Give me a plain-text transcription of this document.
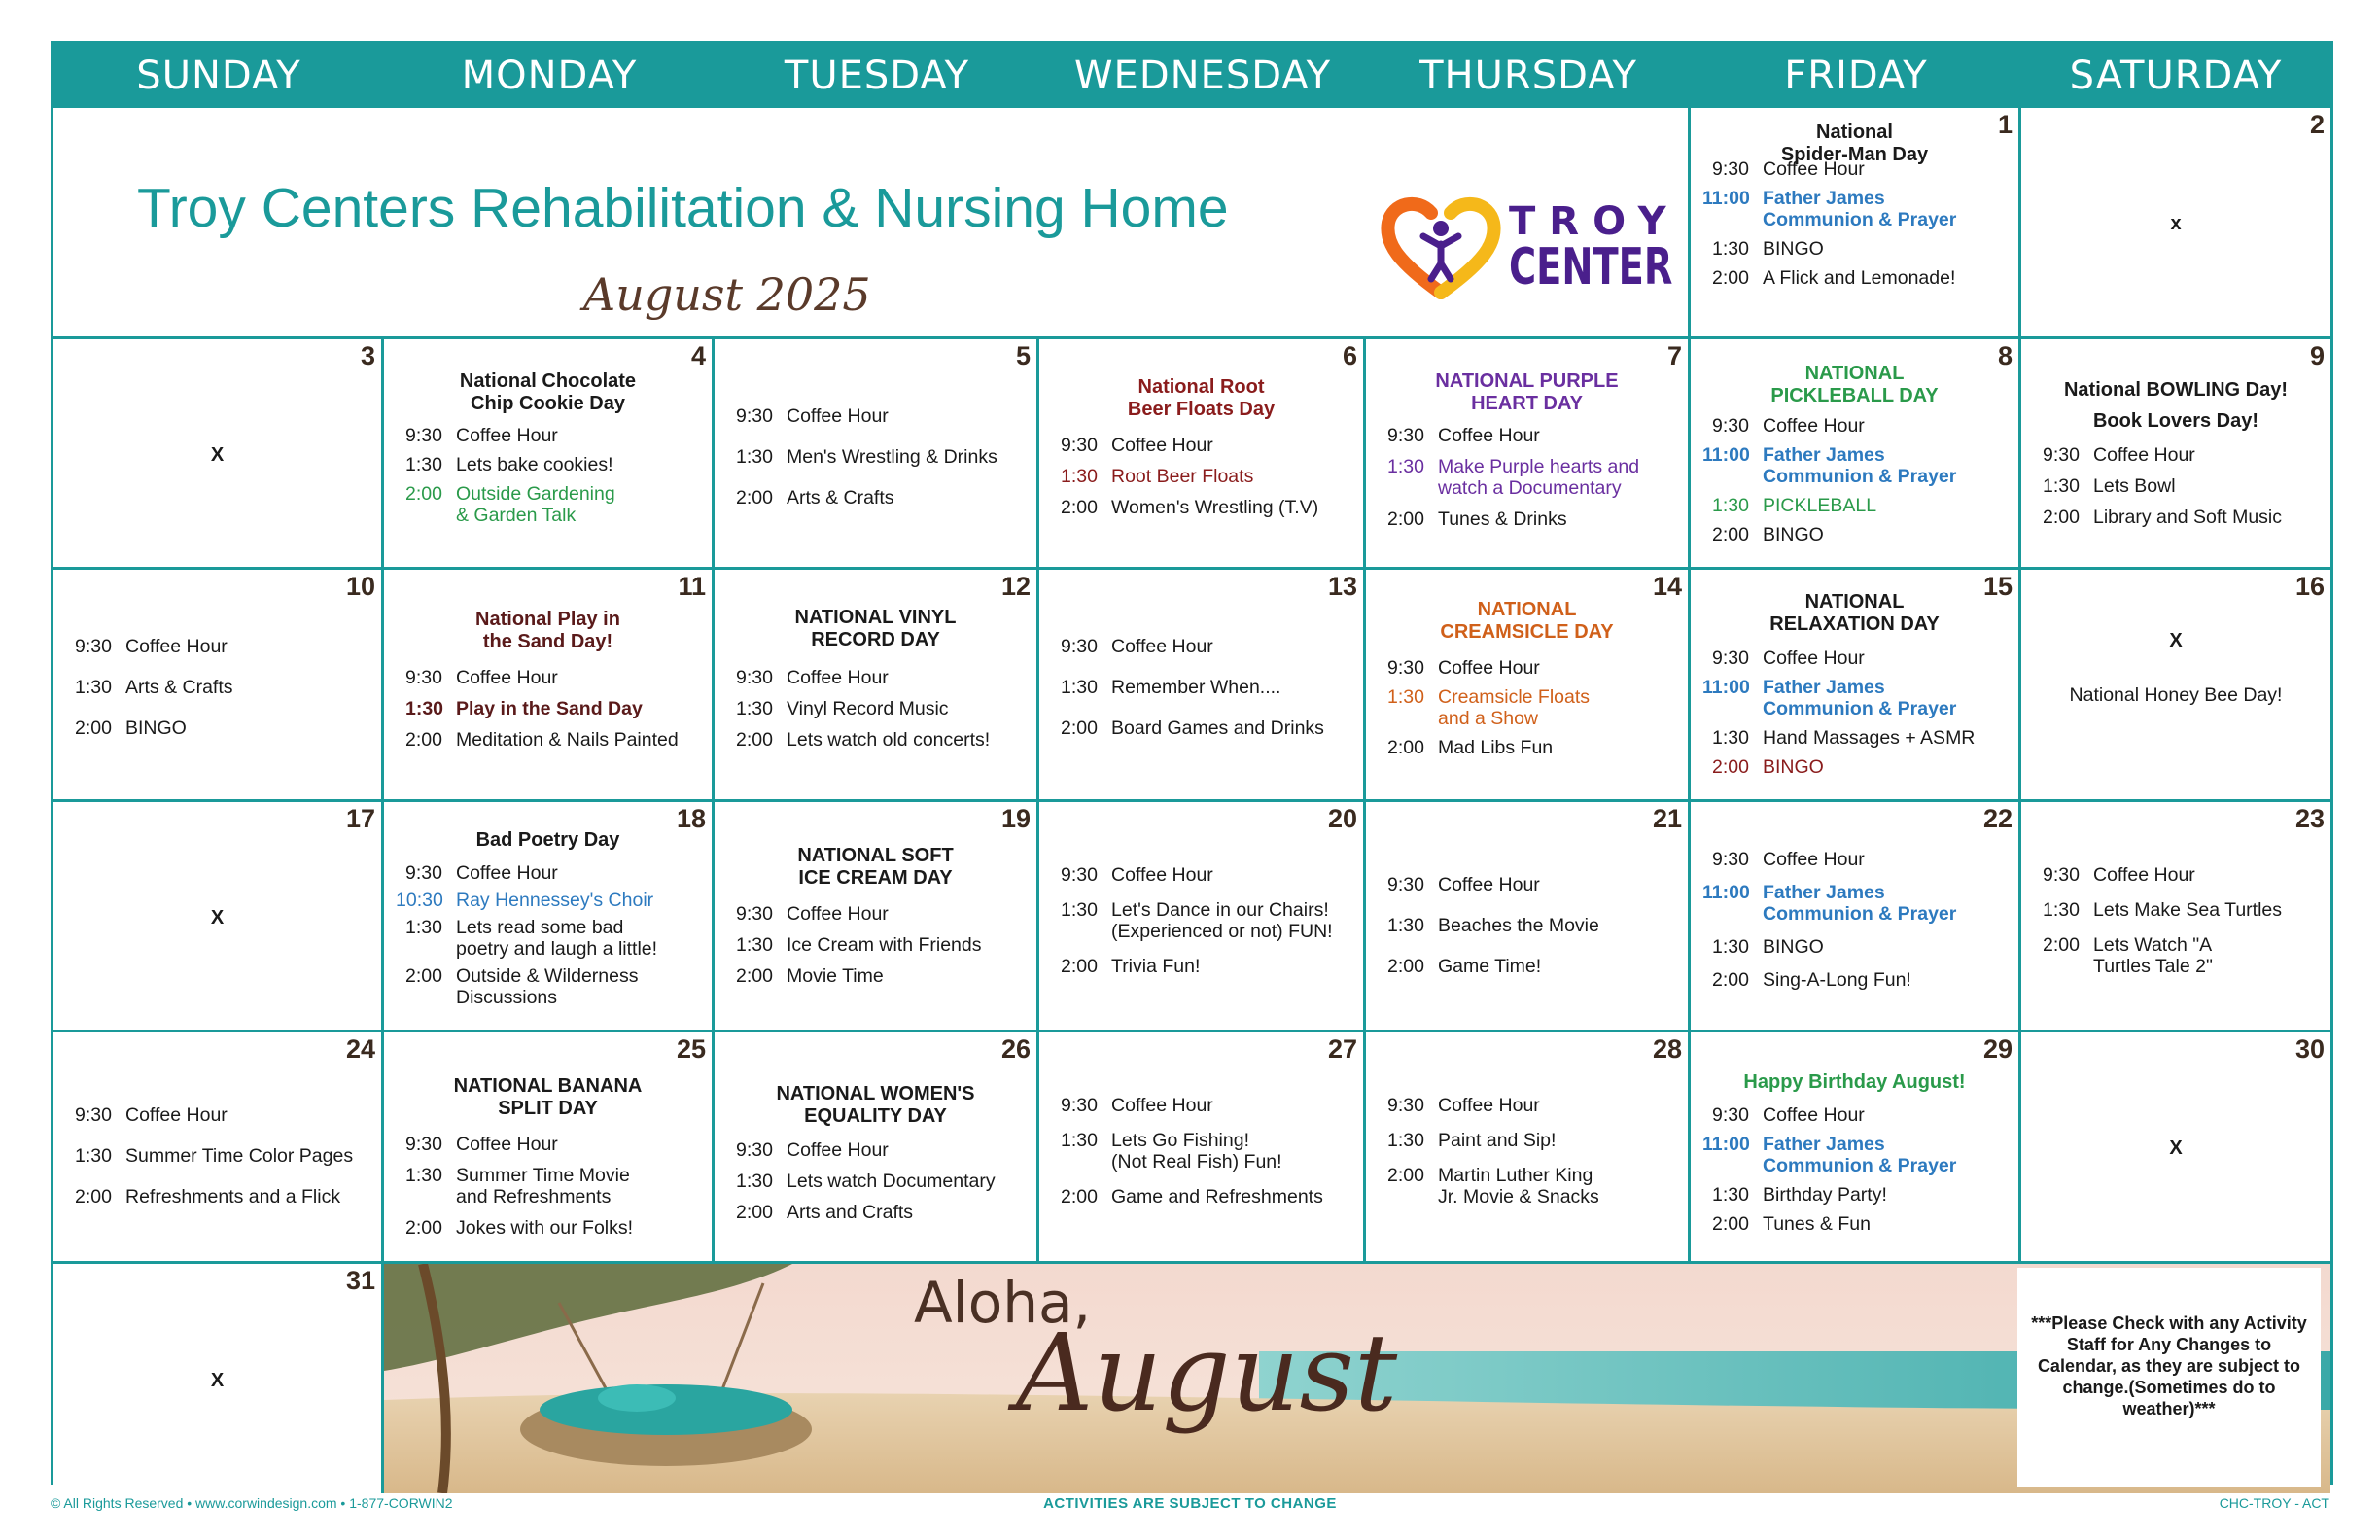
SUNDAY	MONDAY	TUESDAY	WEDNESDAY	THURSDAY	FRIDAY	SATURDAY
1
National
Spider-Man Day
9:30 Coffee Hour
11:00 Father James
Communion & Prayer
1:30 BINGO
2:00 A Flick and Lemonade!
2
x
3
X
4
National Chocolate
Chip Cookie Day
9:30 Coffee Hour
1:30 Lets bake cookies!
2:00 Outside Gardening
& Garden Talk
5
9:30 Coffee Hour
1:30 Men's Wrestling & Drinks
2:00 Arts & Crafts
6
National Root
Beer Floats Day
9:30 Coffee Hour
1:30 Root Beer Floats
2:00 Women's Wrestling (T.V)
7
NATIONAL PURPLE
HEART DAY
9:30 Coffee Hour
1:30 Make Purple hearts and
watch a Documentary
2:00 Tunes & Drinks
8
NATIONAL
PICKLEBALL DAY
9:30 Coffee Hour
11:00 Father James
Communion & Prayer
1:30 PICKLEBALL
2:00 BINGO
9
National BOWLING Day!
Book Lovers Day!
9:30 Coffee Hour
1:30 Lets Bowl
2:00 Library and Soft Music
10
9:30 Coffee Hour
1:30 Arts & Crafts
2:00 BINGO
11
National Play in
the Sand Day!
9:30 Coffee Hour
1:30 Play in the Sand Day
2:00 Meditation & Nails Painted
12
NATIONAL VINYL
RECORD DAY
9:30 Coffee Hour
1:30 Vinyl Record Music
2:00 Lets watch old concerts!
13
9:30 Coffee Hour
1:30 Remember When....
2:00 Board Games and Drinks
14
NATIONAL
CREAMSICLE DAY
9:30 Coffee Hour
1:30 Creamsicle Floats
and a Show
2:00 Mad Libs Fun
15
NATIONAL
RELAXATION DAY
9:30 Coffee Hour
11:00 Father James
Communion & Prayer
1:30 Hand Massages + ASMR
2:00 BINGO
16
X
National Honey Bee Day!
17
X
18
Bad Poetry Day
9:30 Coffee Hour
10:30 Ray Hennessey's Choir
1:30 Lets read some bad
poetry and laugh a little!
2:00 Outside & Wilderness
Discussions
19
NATIONAL SOFT
ICE CREAM DAY
9:30 Coffee Hour
1:30 Ice Cream with Friends
2:00 Movie Time
20
9:30 Coffee Hour
1:30 Let's Dance in our Chairs!
(Experienced or not) FUN!
2:00 Trivia Fun!
21
9:30 Coffee Hour
1:30 Beaches the Movie
2:00 Game Time!
22
9:30 Coffee Hour
11:00 Father James
Communion & Prayer
1:30 BINGO
2:00 Sing-A-Long Fun!
23
9:30 Coffee Hour
1:30 Lets Make Sea Turtles
2:00 Lets Watch "A
Turtles Tale 2"
24
9:30 Coffee Hour
1:30 Summer Time Color Pages
2:00 Refreshments and a Flick
25
NATIONAL BANANA
SPLIT DAY
9:30 Coffee Hour
1:30 Summer Time Movie
and Refreshments
2:00 Jokes with our Folks!
26
NATIONAL WOMEN'S
EQUALITY DAY
9:30 Coffee Hour
1:30 Lets watch Documentary
2:00 Arts and Crafts
27
9:30 Coffee Hour
1:30 Lets Go Fishing!
(Not Real Fish) Fun!
2:00 Game and Refreshments
28
9:30 Coffee Hour
1:30 Paint and Sip!
2:00 Martin Luther King
Jr. Movie & Snacks
29
Happy Birthday August!
9:30 Coffee Hour
11:00 Father James
Communion & Prayer
1:30 Birthday Party!
2:00 Tunes & Fun
30
X
31
X
Troy Centers Rehabilitation & Nursing Home
August 2025
TROY
CENTER
Aloha,
August	***Please Check with any Activity Staff for Any Changes to Calendar, as they are subject to change.(Sometimes do to weather)***
© All Rights Reserved • www.corwindesign.com • 1-877-CORWIN2	ACTIVITIES ARE SUBJECT TO CHANGE	CHC-TROY - ACT
